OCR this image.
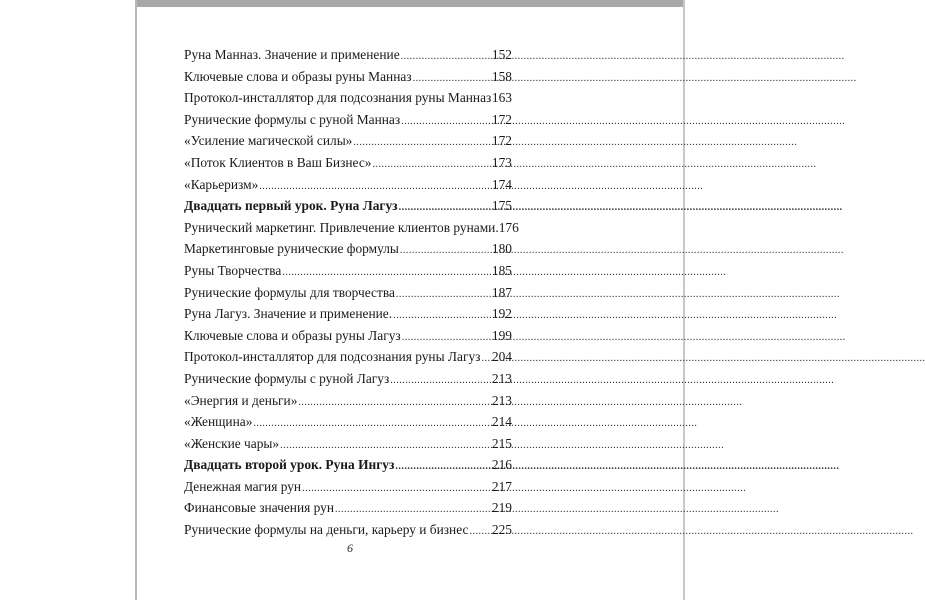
Руна Манназ. Значение и применение .....	152
Ключевые слова и образы руны Манназ .....	158
Протокол-инсталлятор для подсознания руны Манназ 163
Рунические формулы с руной Манназ .....	172
«Усиление магической силы» .....	172
«Поток Клиентов в Ваш Бизнес» .....	173
«Карьеризм» .....	174
Двадцать первый урок. Руна Лагуз .....	175
Рунический маркетинг. Привлечение клиентов рунами. 176
Маркетинговые рунические формулы .....	180
Руны Творчества .....	185
Рунические формулы для творчества .....	187
Руна Лагуз. Значение и применение. .....	192
Ключевые слова и образы руны Лагуз .....	199
Протокол-инсталлятор для подсознания руны Лагуз ..... 204
Рунические формулы с руной Лагуз .....	213
«Энергия и деньги» .....	213
«Женщина» .....	214
«Женские чары» .....	215
Двадцать второй урок. Руна Ингуз .....	216
Денежная магия рун .....	217
Финансовые значения рун .....	219
Рунические формулы на деньги, карьеру и бизнес ..... 225
6
